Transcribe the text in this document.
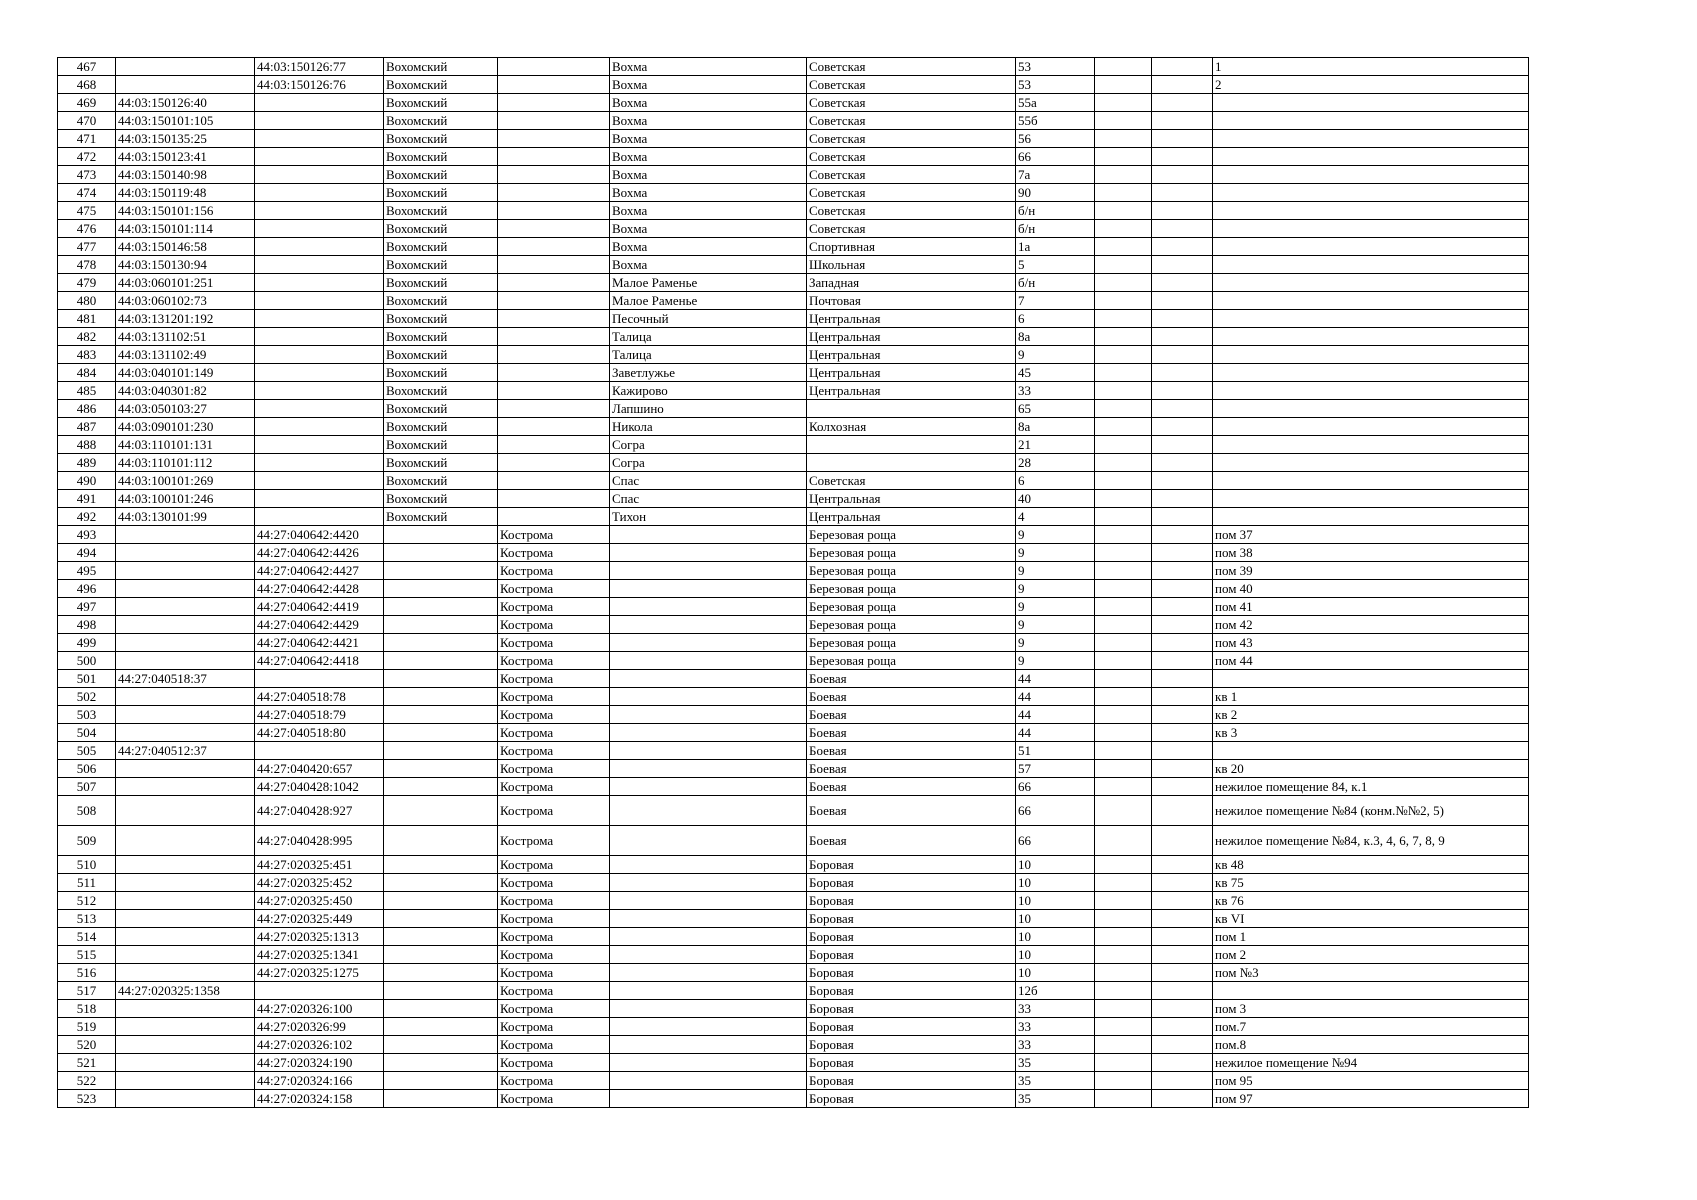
467		44:03:150126:77	Вохомский		Вохма	Советская	53			1
468		44:03:150126:76	Вохомский		Вохма	Советская	53			2
469	44:03:150126:40		Вохомский		Вохма	Советская	55а			
470	44:03:150101:105		Вохомский		Вохма	Советская	55б			
471	44:03:150135:25		Вохомский		Вохма	Советская	56			
472	44:03:150123:41		Вохомский		Вохма	Советская	66			
473	44:03:150140:98		Вохомский		Вохма	Советская	7а			
474	44:03:150119:48		Вохомский		Вохма	Советская	90			
475	44:03:150101:156		Вохомский		Вохма	Советская	б/н			
476	44:03:150101:114		Вохомский		Вохма	Советская	б/н			
477	44:03:150146:58		Вохомский		Вохма	Спортивная	1а			
478	44:03:150130:94		Вохомский		Вохма	Школьная	5			
479	44:03:060101:251		Вохомский		Малое Раменье	Западная	б/н			
480	44:03:060102:73		Вохомский		Малое Раменье	Почтовая	7			
481	44:03:131201:192		Вохомский		Песочный	Центральная	6			
482	44:03:131102:51		Вохомский		Талица	Центральная	8а			
483	44:03:131102:49		Вохомский		Талица	Центральная	9			
484	44:03:040101:149		Вохомский		Заветлужье	Центральная	45			
485	44:03:040301:82		Вохомский		Кажирово	Центральная	33			
486	44:03:050103:27		Вохомский		Лапшино		65			
487	44:03:090101:230		Вохомский		Никола	Колхозная	8а			
488	44:03:110101:131		Вохомский		Согра		21			
489	44:03:110101:112		Вохомский		Согра		28			
490	44:03:100101:269		Вохомский		Спас	Советская	6			
491	44:03:100101:246		Вохомский		Спас	Центральная	40			
492	44:03:130101:99		Вохомский		Тихон	Центральная	4			
493		44:27:040642:4420		Кострома		Березовая роща	9			пом 37
494		44:27:040642:4426		Кострома		Березовая роща	9			пом 38
495		44:27:040642:4427		Кострома		Березовая роща	9			пом 39
496		44:27:040642:4428		Кострома		Березовая роща	9			пом 40
497		44:27:040642:4419		Кострома		Березовая роща	9			пом 41
498		44:27:040642:4429		Кострома		Березовая роща	9			пом 42
499		44:27:040642:4421		Кострома		Березовая роща	9			пом 43
500		44:27:040642:4418		Кострома		Березовая роща	9			пом 44
501	44:27:040518:37			Кострома		Боевая	44			
502		44:27:040518:78		Кострома		Боевая	44			кв 1
503		44:27:040518:79		Кострома		Боевая	44			кв 2
504		44:27:040518:80		Кострома		Боевая	44			кв 3
505	44:27:040512:37			Кострома		Боевая	51			
506		44:27:040420:657		Кострома		Боевая	57			кв 20
507		44:27:040428:1042		Кострома		Боевая	66			нежилое помещение 84, к.1
508		44:27:040428:927		Кострома		Боевая	66			нежилое помещение №84 (конм.№№2, 5)
509		44:27:040428:995		Кострома		Боевая	66			нежилое помещение №84, к.3, 4, 6, 7, 8, 9
510		44:27:020325:451		Кострома		Боровая	10			кв 48
511		44:27:020325:452		Кострома		Боровая	10			кв 75
512		44:27:020325:450		Кострома		Боровая	10			кв 76
513		44:27:020325:449		Кострома		Боровая	10			кв VI
514		44:27:020325:1313		Кострома		Боровая	10			пом 1
515		44:27:020325:1341		Кострома		Боровая	10			пом 2
516		44:27:020325:1275		Кострома		Боровая	10			пом №3
517	44:27:020325:1358			Кострома		Боровая	12б			
518		44:27:020326:100		Кострома		Боровая	33			пом 3
519		44:27:020326:99		Кострома		Боровая	33			пом.7
520		44:27:020326:102		Кострома		Боровая	33			пом.8
521		44:27:020324:190		Кострома		Боровая	35			нежилое помещение №94
522		44:27:020324:166		Кострома		Боровая	35			пом 95
523		44:27:020324:158		Кострома		Боровая	35			пом 97
